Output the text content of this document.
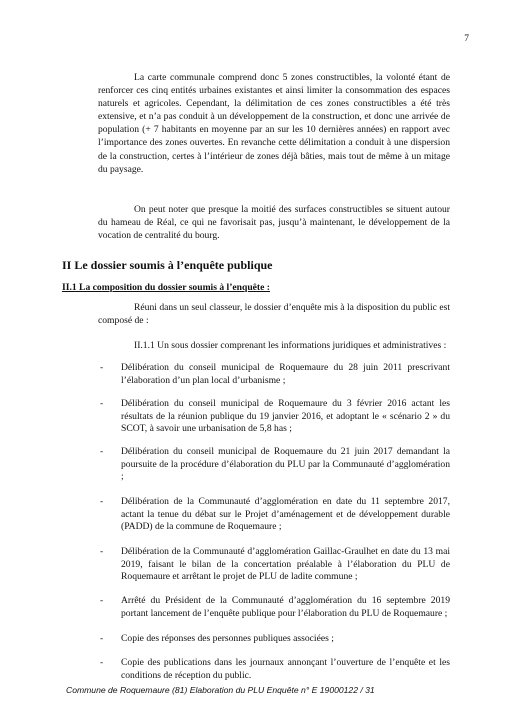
7

La carte communale comprend donc 5 zones constructibles, la volonté étant de renforcer ces cinq entités urbaines existantes et ainsi limiter la consommation des espaces naturels et agricoles. Cependant, la délimitation de ces zones constructibles a été très extensive, et n’a pas conduit à un développement de la construction, et donc une arrivée de population (+ 7 habitants en moyenne par an sur les 10 dernières années) en rapport avec l’importance des zones ouvertes. En revanche cette délimitation a conduit à une dispersion de la construction, certes à l’intérieur de zones déjà bâties, mais tout de même à un mitage du paysage.

On peut noter que presque la moitié des surfaces constructibles se situent autour du hameau de Réal, ce qui ne favorisait pas, jusqu’à maintenant, le développement de la vocation de centralité du bourg.

II Le dossier soumis à l’enquête publique
II.1 La composition du dossier soumis à l’enquête :

Réuni dans un seul classeur, le dossier d’enquête mis à la disposition du public est composé de :

II.1.1 Un sous dossier comprenant les informations juridiques et administratives :

-	Délibération du conseil municipal de Roquemaure du 28 juin 2011 prescrivant l’élaboration d’un plan local d’urbanisme ;
-	Délibération du conseil municipal de Roquemaure du 3 février 2016 actant les résultats de la réunion publique du 19 janvier 2016, et adoptant le « scénario 2 » du SCOT, à savoir une urbanisation de 5,8 has ;
-	Délibération du conseil municipal de Roquemaure du 21 juin 2017 demandant la poursuite de la procédure d’élaboration du PLU par la Communauté d’agglomération ;
-	Délibération de la Communauté d’agglomération en date du 11 septembre 2017, actant la tenue du débat sur le Projet d’aménagement et de développement durable (PADD) de la commune de Roquemaure ;
-	Délibération de la Communauté d’agglomération Gaillac-Graulhet en date du 13 mai 2019, faisant le bilan de la concertation préalable à l’élaboration du PLU de Roquemaure et arrêtant le projet de PLU de ladite commune ;
-	Arrêté du Président de la Communauté d’agglomération du 16 septembre 2019 portant lancement de l’enquête publique pour l’élaboration du PLU de Roquemaure ;
-	Copie des réponses des personnes publiques associées ;
-	Copie des publications dans les journaux annonçant l’ouverture de l’enquête et les conditions de réception du public.
Commune de Roquemaure (81) Elaboration du PLU Enquête n° E 19000122 / 31
